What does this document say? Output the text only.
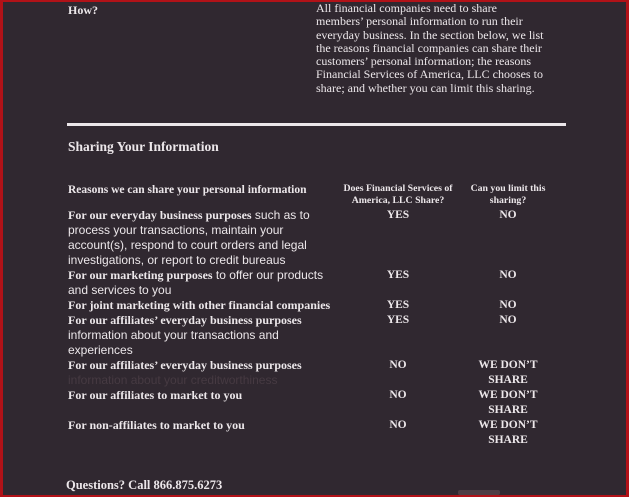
How?	All financial companies need to share
members’ personal information to run their
everyday business. In the section below, we list
the reasons financial companies can share their
customers’ personal information; the reasons
Financial Services of America, LLC chooses to
share; and whether you can limit this sharing.
Sharing Your Information
Reasons we can share your personal information	Does Financial Services of
America, LLC Share?
Can you limit this
sharing?
For our everyday business purposes such as to process your transactions, maintain your account(s), respond to court orders and legal investigations, or report to credit bureaus
YES	NO
For our marketing purposes to offer our products and services to you
YES	NO
For joint marketing with other financial companies	YES	NO
For our affiliates’ everyday business purposes information about your transactions and experiences
YES	NO
For our affiliates’ everyday business purposes information about your creditworthiness
NO	WE DON’T SHARE
For our affiliates to market to you	NO	WE DON’T SHARE
For non-affiliates to market to you	NO	WE DON’T SHARE
Questions? Call 866.875.6273
